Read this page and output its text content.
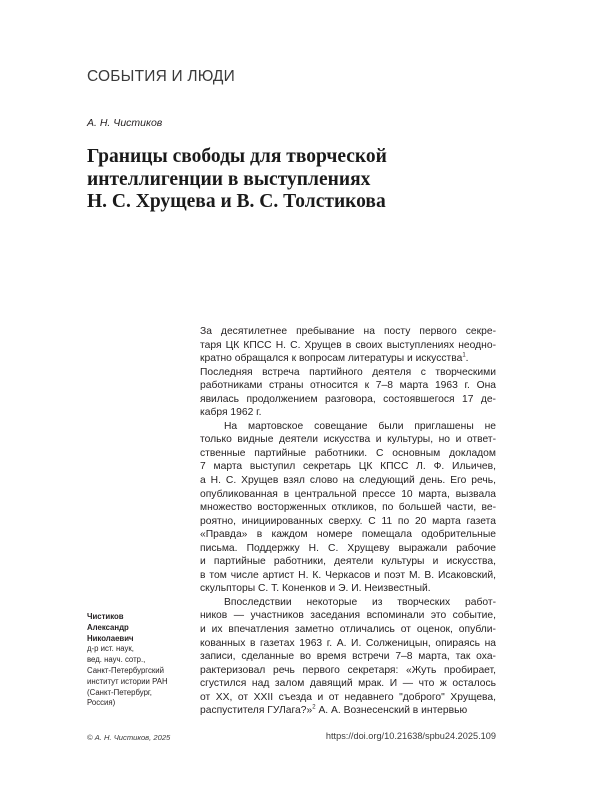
СОБЫТИЯ И ЛЮДИ
А. Н. Чистиков
Границы свободы для творческой
интеллигенции в выступлениях
Н. С. Хрущева и В. С. Толстикова
За десятилетнее пребывание на посту первого секре-
таря ЦК КПСС Н. С. Хрущев в своих выступлениях неодно-
кратно обращался к вопросам литературы и искусства$^1$.
Последняя встреча партийного деятеля с творческими
работниками страны относится к 7–8 марта 1963 г. Она
явилась продолжением разговора, состоявшегося 17 де-
кабря 1962 г.
На мартовское совещание были приглашены не
только видные деятели искусства и культуры, но и ответ-
ственные партийные работники. С основным докладом
7 марта выступил секретарь ЦК КПСС Л. Ф. Ильичев,
а Н. С. Хрущев взял слово на следующий день. Его речь,
опубликованная в центральной прессе 10 марта, вызвала
множество восторженных откликов, по большей части, ве-
роятно, инициированных сверху. С 11 по 20 марта газета
«Правда» в каждом номере помещала одобрительные
письма. Поддержку Н. С. Хрущеву выражали рабочие
и партийные работники, деятели культуры и искусства,
в том числе артист Н. К. Черкасов и поэт М. В. Исаковский,
скульпторы С. Т. Коненков и Э. И. Неизвестный.
Впоследствии некоторые из творческих работ-
ников — участников заседания вспоминали это событие,
и их впечатления заметно отличались от оценок, опубли-
кованных в газетах 1963 г. А. И. Солженицын, опираясь на
записи, сделанные во время встречи 7–8 марта, так оха-
рактеризовал речь первого секретаря: «Жуть пробирает,
сгустился над залом давящий мрак. И — что ж осталось
от XX, от XXII съезда и от недавнего "доброго" Хрущева,
распустителя ГУЛага?»$^2$ А. А. Вознесенский в интервью
Чистиков
Александр
Николаевич
д-р ист. наук,
вед. науч. сотр.,
Санкт-Петербургский
институт истории РАН
(Санкт-Петербург,
Россия)
© А. Н. Чистиков, 2025	https://doi.org/10.21638/spbu24.2025.109
